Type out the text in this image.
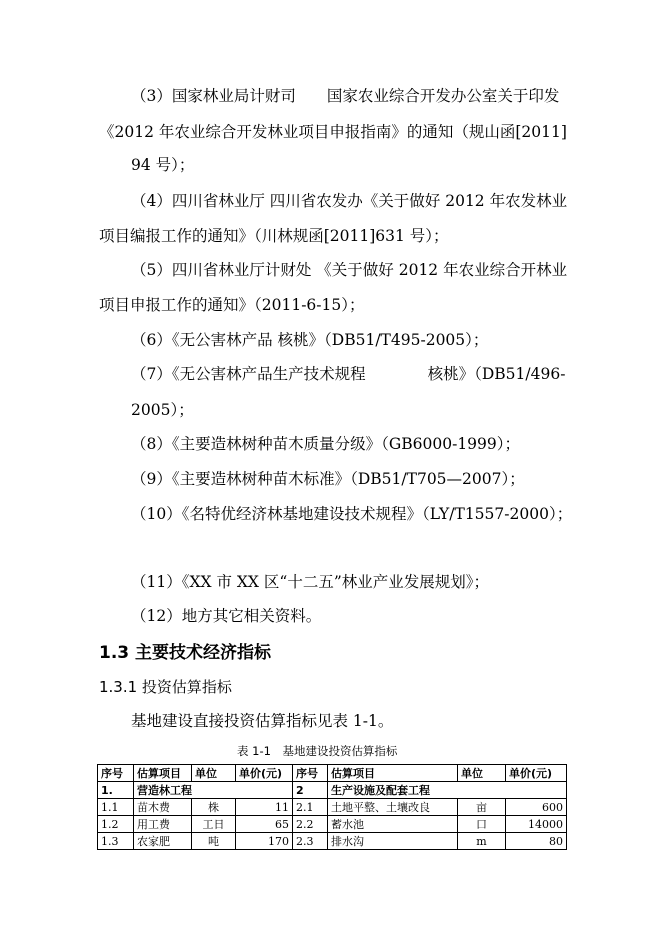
（3）国家林业局计财司　　国家农业综合开发办公室关于印发
《2012 年农业综合开发林业项目申报指南》的通知（规山函[2011]
94 号）；
（4）四川省林业厅 四川省农发办《关于做好 2012 年农发林业
项目编报工作的通知》（川林规函[2011]631 号）；
（5）四川省林业厅计财处 《关于做好 2012 年农业综合开林业
项目申报工作的通知》（2011-6-15）；
（6）《无公害林产品 核桃》（DB51/T495-2005）；
（7）《无公害林产品生产技术规程　　　　核桃》（DB51/496-
2005）；
（8）《主要造林树种苗木质量分级》（GB6000-1999）；
（9）《主要造林树种苗木标准》（DB51/T705—2007）；
（10）《名特优经济林基地建设技术规程》（LY/T1557-2000）；
（11）《XX 市 XX 区“十二五”林业产业发展规划》；
（12）地方其它相关资料。
1.3 主要技术经济指标
1.3.1 投资估算指标
基地建设直接投资估算指标见表 1-1。
表 1-1　基地建设投资估算指标
序号	估算项目	单位	单价(元)	序号	估算项目	单位	单价(元)
1.	营造林工程			2	生产设施及配套工程		
1.1	苗木费	株	11	2.1	土地平整、土壤改良	亩	600
1.2	用工费	工日	65	2.2	蓄水池	口	14000
1.3	农家肥	吨	170	2.3	排水沟	m	80
